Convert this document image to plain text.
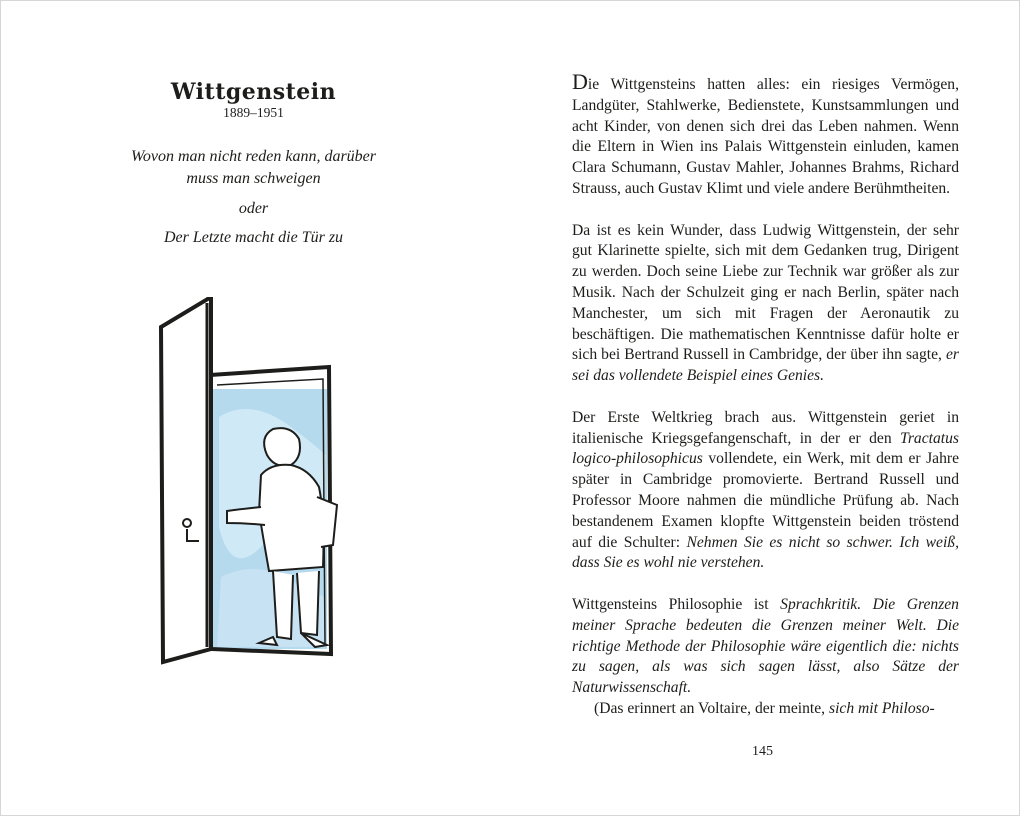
Wittgenstein
1889–1951
Wovon man nicht reden kann, darüber
muss man schweigen
oder
Der Letzte macht die Tür zu

Die Wittgensteins hatten alles: ein riesiges Vermögen, Landgüter, Stahlwerke, Bedienstete, Kunstsammlungen und acht Kinder, von denen sich drei das Leben nahmen. Wenn die Eltern in Wien ins Palais Wittgenstein einluden, kamen Clara Schumann, Gustav Mahler, Johannes Brahms, Richard Strauss, auch Gustav Klimt und viele andere Berühmtheiten.

Da ist es kein Wunder, dass Ludwig Wittgenstein, der sehr gut Klarinette spielte, sich mit dem Gedanken trug, Dirigent zu werden. Doch seine Liebe zur Technik war größer als zur Musik. Nach der Schulzeit ging er nach Berlin, später nach Manchester, um sich mit Fragen der Aeronautik zu beschäftigen. Die mathematischen Kenntnisse dafür holte er sich bei Bertrand Russell in Cambridge, der über ihn sagte, er sei das vollendete Beispiel eines Genies.

Der Erste Weltkrieg brach aus. Wittgenstein geriet in italienische Kriegsgefangenschaft, in der er den Tractatus logico-philosophicus vollendete, ein Werk, mit dem er Jahre später in Cambridge promovierte. Bertrand Russell und Professor Moore nahmen die mündliche Prüfung ab. Nach bestandenem Examen klopfte Wittgenstein beiden tröstend auf die Schulter: Nehmen Sie es nicht so schwer. Ich weiß, dass Sie es wohl nie verstehen.

Wittgensteins Philosophie ist Sprachkritik. Die Grenzen meiner Sprache bedeuten die Grenzen meiner Welt. Die richtige Methode der Philosophie wäre eigentlich die: nichts zu sagen, als was sich sagen lässt, also Sätze der Naturwissenschaft.

(Das erinnert an Voltaire, der meinte, sich mit Philoso-

145
